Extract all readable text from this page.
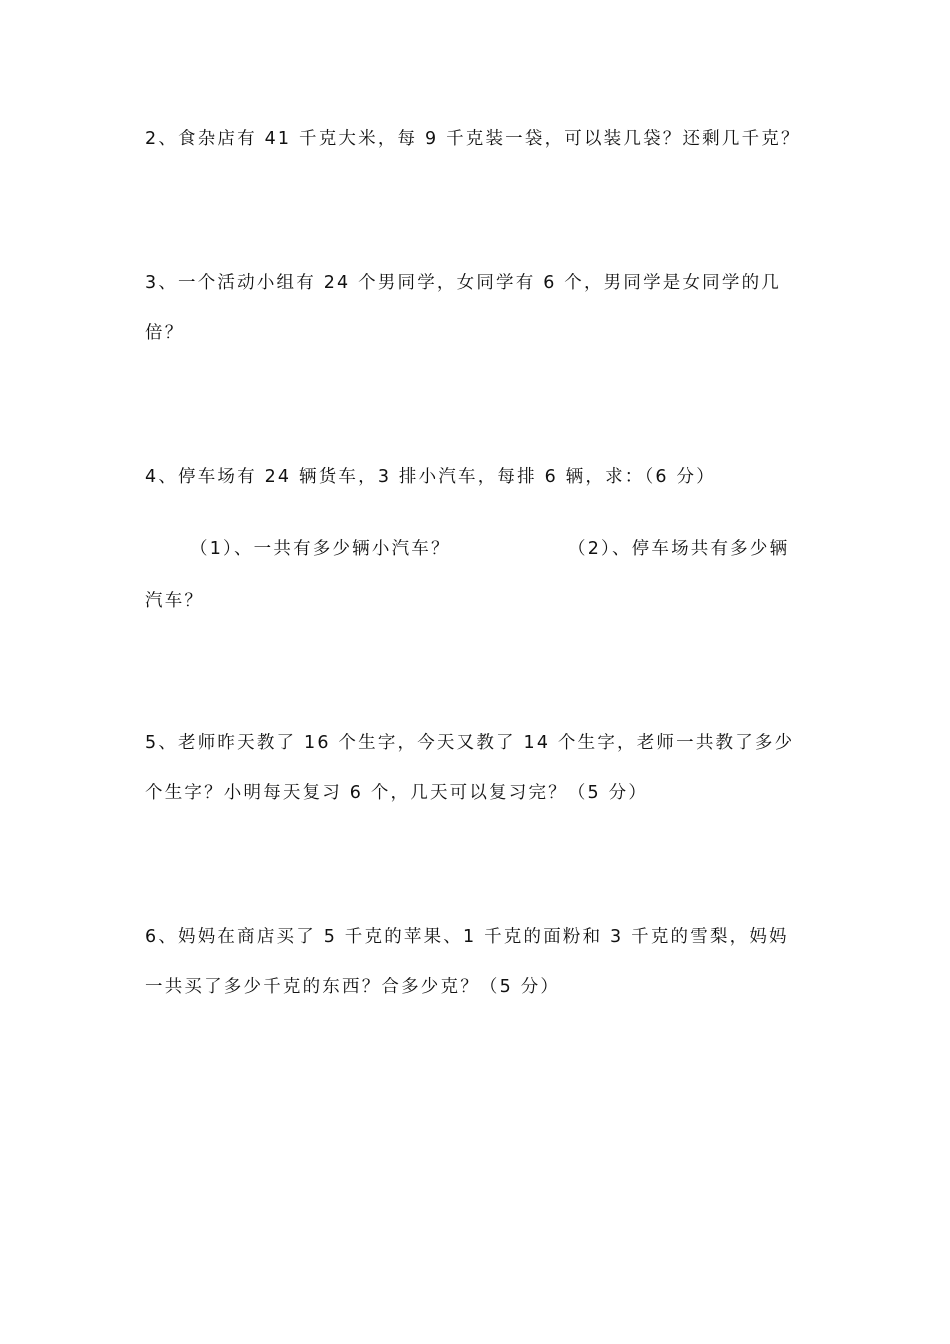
2、食杂店有 41 千克大米，每 9 千克装一袋，可以装几袋？还剩几千克？
3、一个活动小组有 24 个男同学，女同学有 6 个，男同学是女同学的几
倍？
4、停车场有 24 辆货车，3 排小汽车，每排 6 辆，求：（6 分）
（1）、一共有多少辆小汽车？	（2）、停车场共有多少辆
汽车？
5、老师昨天教了 16 个生字，今天又教了 14 个生字，老师一共教了多少
个生字？小明每天复习 6 个，几天可以复习完？（5 分）
6、妈妈在商店买了 5 千克的苹果、1 千克的面粉和 3 千克的雪梨，妈妈
一共买了多少千克的东西？合多少克？（5 分）
